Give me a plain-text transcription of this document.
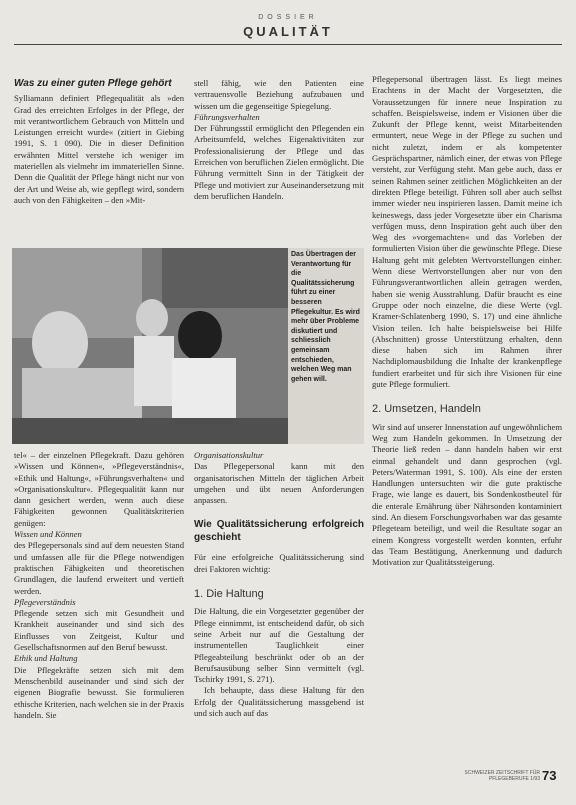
DOSSIER
QUALITÄT

Was zu einer guten Pflege gehört

Sylliamann definiert Pflegequalität als »den Grad des erreichten Erfolges in der Pflege, der mit verantwortlichem Gebrauch von Mitteln und Leistungen erreicht wurde« (zitiert in Giebing 1991, S. 1 090). Die in dieser Definition erwähnten Mittel verstehe ich weniger im materiellen als vielmehr im immateriellen Sinne. Denn die Qualität der Pflege hängt nicht nur von der Art und Weise ab, wie gepflegt wird, sondern auch von den Fähigkeiten – den »Mit-

stell fähig, wie den Patienten eine vertrauensvolle Beziehung aufzubauen und wissen um die gegenseitige Spiegelung.

Führungsverhalten

Der Führungsstil ermöglicht den Pflegenden ein Arbeitsumfeld, welches Eigenaktivitäten zur Professionalisierung der Pflege und das Erreichen von beruflichen Zielen ermöglicht. Die Führung vermittelt Sinn in der Tätigkeit der Pflege und motiviert zur Auseinandersetzung mit dem beruflichen Handeln.

Das Übertragen der Verantwortung für die Qualitätssicherung führt zu einer besseren Pflegekultur. Es wird mehr über Probleme diskutiert und schliesslich gemeinsam entschieden, welchen Weg man gehen will.

tel« – der einzelnen Pflegekraft. Dazu gehören »Wissen und Können«, »Pflegeverständnis«, »Ethik und Haltung«, »Führungsverhalten« und »Organisationskultur«. Pflegequalität kann nur dann gesichert werden, wenn auch diese Fähigkeiten gewonnen Qualitätskriterien genügen:

Wissen und Können

des Pflegepersonals sind auf dem neuesten Stand und umfassen alle für die Pflege notwendigen praktischen Fähigkeiten und theoretischen Grundlagen, die laufend erweitert und vertieft werden.

Pflegeverständnis

Pflegende setzen sich mit Gesundheit und Krankheit auseinander und sind sich des Einflusses von Zeitgeist, Kultur und Gesellschaftsnormen auf den Beruf bewusst.

Ethik und Haltung

Die Pflegekräfte setzen sich mit dem Menschenbild auseinander und sind sich der eigenen Biografie bewusst. Sie formulieren ethische Kriterien, nach welchen sie in der Praxis handeln. Sie

Organisationskultur

Das Pflegepersonal kann mit den organisatorischen Mitteln der täglichen Arbeit umgehen und übt neuen Anforderungen anpassen.

Wie Qualitätssicherung erfolgreich geschieht

Für eine erfolgreiche Qualitätssicherung sind drei Faktoren wichtig:

1. Die Haltung

Die Haltung, die ein Vorgesetzter gegenüber der Pflege einnimmt, ist entscheidend dafür, ob sich seine Arbeit nur auf die Gestaltung der instrumentellen Tauglichkeit einer Pflegeabteilung beschränkt oder ob an der Berufsausübung selber Sinn vermittelt (vgl. Tschirky 1991, S. 271).

Ich behaupte, dass diese Haltung für den Erfolg der Qualitätssicherung massgebend ist und sich auch auf das

Pflegepersonal übertragen lässt. Es liegt meines Erachtens in der Macht der Vorgesetzten, die Voraussetzungen für innere neue Inspiration zu schaffen. Beispielsweise, indem er Visionen über die Zukunft der Pflege kennt, weist Mitarbeitenden ermuntert, neue Wege in der Pflege zu suchen und nicht zuletzt, indem er als kompetenter Gesprächspartner, nämlich einer, der etwas von Pflege versteht, zur Verfügung steht. Man gebe auch, dass er seinen Rahmen seiner zeitlichen Möglichkeiten an der direkten Pflege beteiligt. Führen soll aber auch selbst immer wieder neu inspirieren lassen. Damit meine ich keineswegs, dass jeder Vorgesetzte über ein Charisma verfügen muss, denn Inspiration geht auch über den Weg des »vorgemachten« und das Vorleben der formulierten Vision über die gewünschte Pflege. Diese Haltung geht mit gelebten Wertvorstellungen einher. Wenn diese Wertvorstellungen aber nur von den Führungsverantwortlichen allein getragen werden, haben sie wenig Ausstrahlung. Dafür braucht es eine Gruppe oder noch einzelne, die diese Werte (vgl. Kramer-Schlatenberg 1990, S. 17) und eine ähnliche Vision teilen. Ich halte beispielsweise bei Hilfe (Abschnitten) grosse Unterstützung erhalten, denn diese haben sich im Rahmen ihrer Nachdiplomausbildung die Inhalte der krankenpflege fundiert erarbeitet und für sich ihre Visionen für eine gute Pflege formuliert.

2. Umsetzen, Handeln

Wir sind auf unserer Innenstation auf ungewöhnlichem Weg zum Handeln gekommen. In Umsetzung der Theorie ließ reden – dann handeln haben wir erst einmal gehandelt und dann gesprochen (vgl. Peters/Waterman 1991, S. 100). Als eine der ersten Handlungen untersuchten wir die gute praktische Frage, wie lange es dauert, bis Sondenkostbeutel für die enterale Ernährung über Nährsonden kontaminiert sind. An diesem Forschungsvorhaben war das gesamte Pflegeteam beteiligt, und weil die Resultate sogar an einem Kongress vorgestellt werden konnten, erfuhr das Team Bestätigung, Anerkennung und dadurch Motivation zur Qualitätssteigerung.

SCHWEIZER ZEITSCHRIFT FÜR PFLEGEBERUFE 1/93 73
